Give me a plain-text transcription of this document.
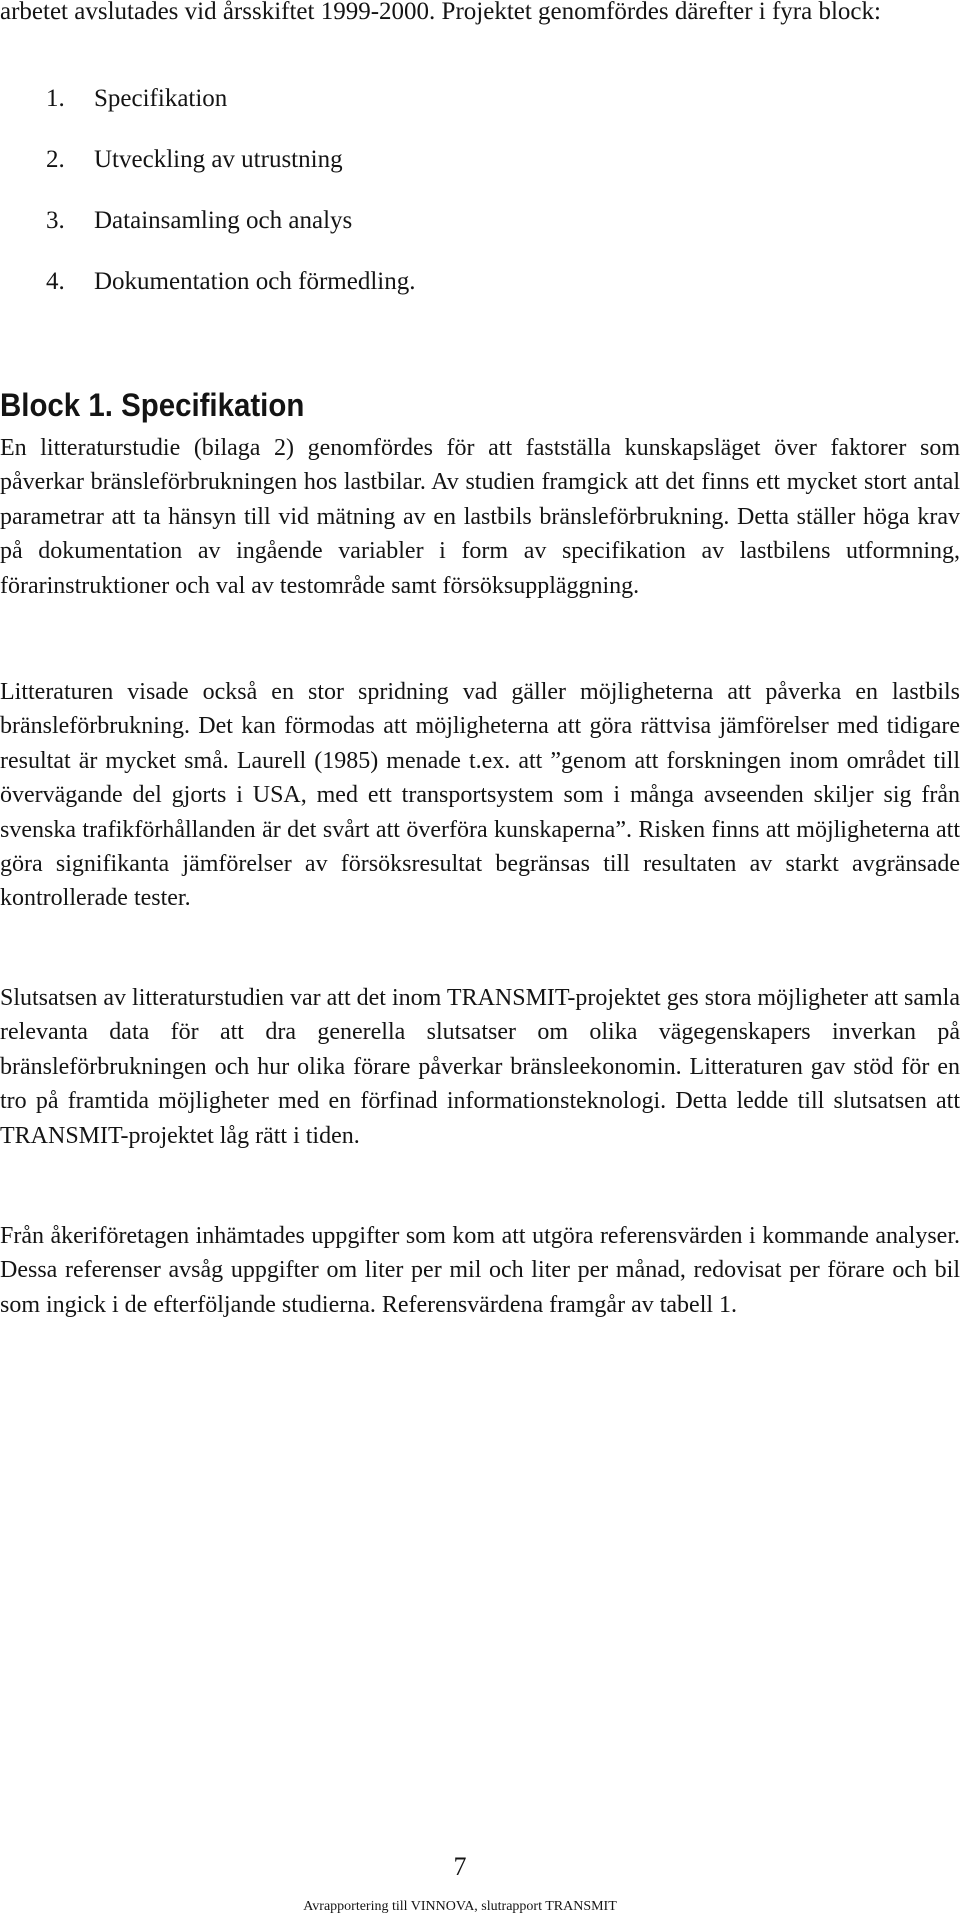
arbetet avslutades vid årsskiftet 1999-2000. Projektet genomfördes därefter i fyra block:

1. Specifikation
2. Utveckling av utrustning
3. Datainsamling och analys
4. Dokumentation och förmedling.
Block 1. Specifikation

En litteraturstudie (bilaga 2) genomfördes för att fastställa kunskapsläget över faktorer som påverkar bränsleförbrukningen hos lastbilar. Av studien framgick att det finns ett mycket stort antal parametrar att ta hänsyn till vid mätning av en lastbils bränsleförbrukning. Detta ställer höga krav på dokumentation av ingående variabler i form av specifikation av lastbilens utformning, förarinstruktioner och val av testområde samt försöksuppläggning.

Litteraturen visade också en stor spridning vad gäller möjligheterna att påverka en lastbils bränsleförbrukning. Det kan förmodas att möjligheterna att göra rättvisa jämförelser med tidigare resultat är mycket små. Laurell (1985) menade t.ex. att ”genom att forskningen inom området till övervägande del gjorts i USA, med ett transportsystem som i många avseenden skiljer sig från svenska trafikförhållanden är det svårt att överföra kunskaperna”. Risken finns att möjligheterna att göra signifikanta jämförelser av försöksresultat begränsas till resultaten av starkt avgränsade kontrollerade tester.

Slutsatsen av litteraturstudien var att det inom TRANSMIT-projektet ges stora möjligheter att samla relevanta data för att dra generella slutsatser om olika vägegenskapers inverkan på bränsleförbrukningen och hur olika förare påverkar bränsleekonomin. Litteraturen gav stöd för en tro på framtida möjligheter med en förfinad informationsteknologi. Detta ledde till slutsatsen att TRANSMIT-projektet låg rätt i tiden.

Från åkeriföretagen inhämtades uppgifter som kom att utgöra referensvärden i kommande analyser. Dessa referenser avsåg uppgifter om liter per mil och liter per månad, redovisat per förare och bil som ingick i de efterföljande studierna. Referensvärdena framgår av tabell 1.

7

Avrapportering till VINNOVA, slutrapport TRANSMIT
